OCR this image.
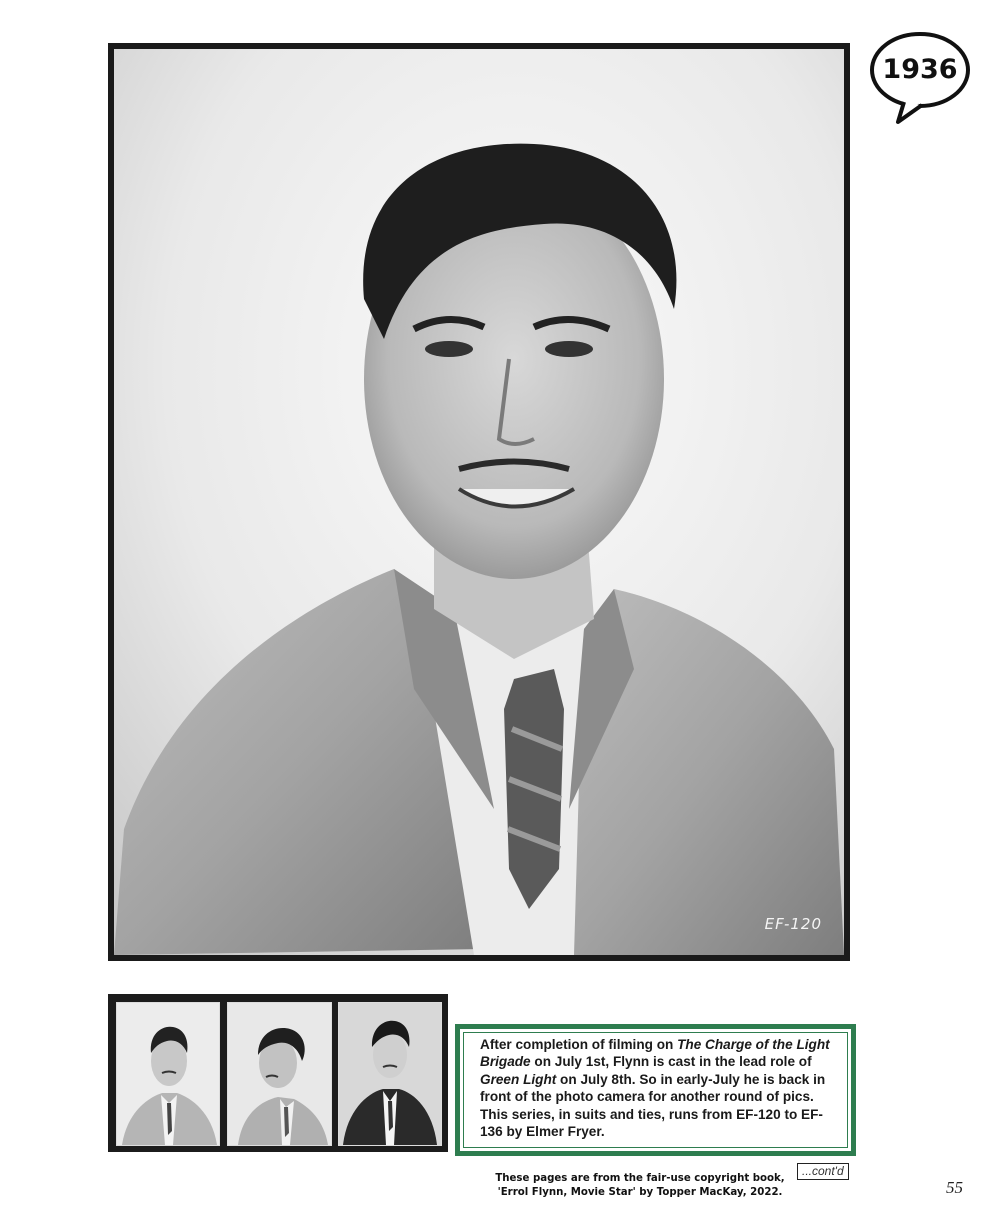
EF-120
1936
After completion of filming on The Charge of the Light Brigade on July 1st, Flynn is cast in the lead role of Green Light on July 8th. So in early-July he is back in front of the photo camera for another round of pics. This series, in suits and ties, runs from EF-120 to EF-136 by Elmer Fryer.
These pages are from the fair-use copyright book,
'Errol Flynn, Movie Star' by Topper MacKay, 2022.
...cont'd
55
